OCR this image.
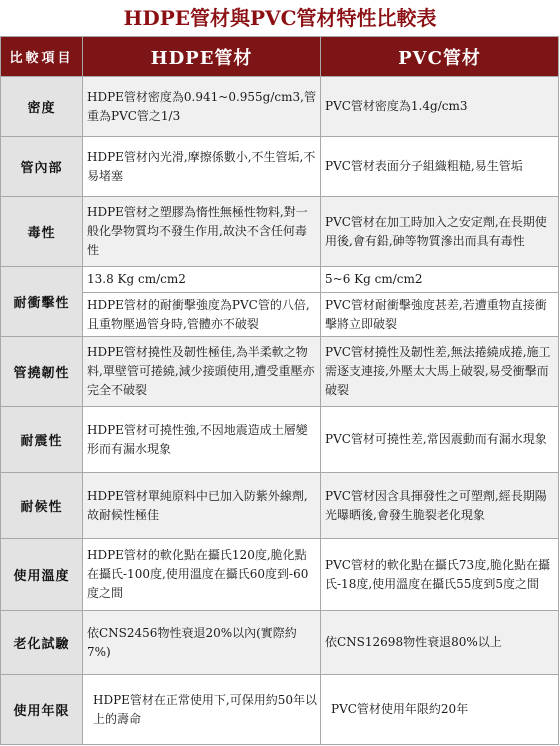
HDPE管材與PVC管材特性比較表
比較項目	HDPE管材	PVC管材
密度	HDPE管材密度為0.941~0.955g/cm3,管重為PVC管之1/3	PVC管材密度為1.4g/cm3
管內部	HDPE管材內光滑,摩擦係數小,不生管垢,不易堵塞	PVC管材表面分子組織粗糙,易生管垢
毒性	HDPE管材之塑膠為惰性無極性物料,對一般化學物質均不發生作用,故決不含任何毒性	PVC管材在加工時加入之安定劑,在長期使用後,會有鉛,砷等物質滲出而具有毒性
耐衝擊性	13.8 Kg cm/cm2	5~6 Kg cm/cm2
	HDPE管材的耐衝擊強度為PVC管的八倍,且重物壓過管身時,管體亦不破裂	PVC管材耐衝擊強度甚差,若遭重物直接衝擊將立即破裂
管撓韌性	HDPE管材撓性及韌性極佳,為半柔軟之物料,單壁管可捲繞,減少接頭使用,遭受重壓亦完全不破裂	PVC管材撓性及韌性差,無法捲繞成捲,施工需逐支連接,外壓太大馬上破裂,易受衝擊而破裂
耐震性	HDPE管材可撓性強,不因地震造成土層變形而有漏水現象	PVC管材可撓性差,常因震動而有漏水現象
耐候性	HDPE管材單純原料中已加入防紫外線劑,故耐候性極佳	PVC管材因含具揮發性之可塑劑,經長期陽光曝晒後,會發生脆裂老化現象
使用溫度	HDPE管材的軟化點在攝氏120度,脆化點在攝氏-100度,使用溫度在攝氏60度到-60度之間	PVC管材的軟化點在攝氏73度,脆化點在攝氏-18度,使用溫度在攝氏55度到5度之間
老化試驗	依CNS2456物性衰退20%以內(實際約7%)	依CNS12698物性衰退80%以上
使用年限	HDPE管材在正常使用下,可保用約50年以上的壽命	PVC管材使用年限約20年
